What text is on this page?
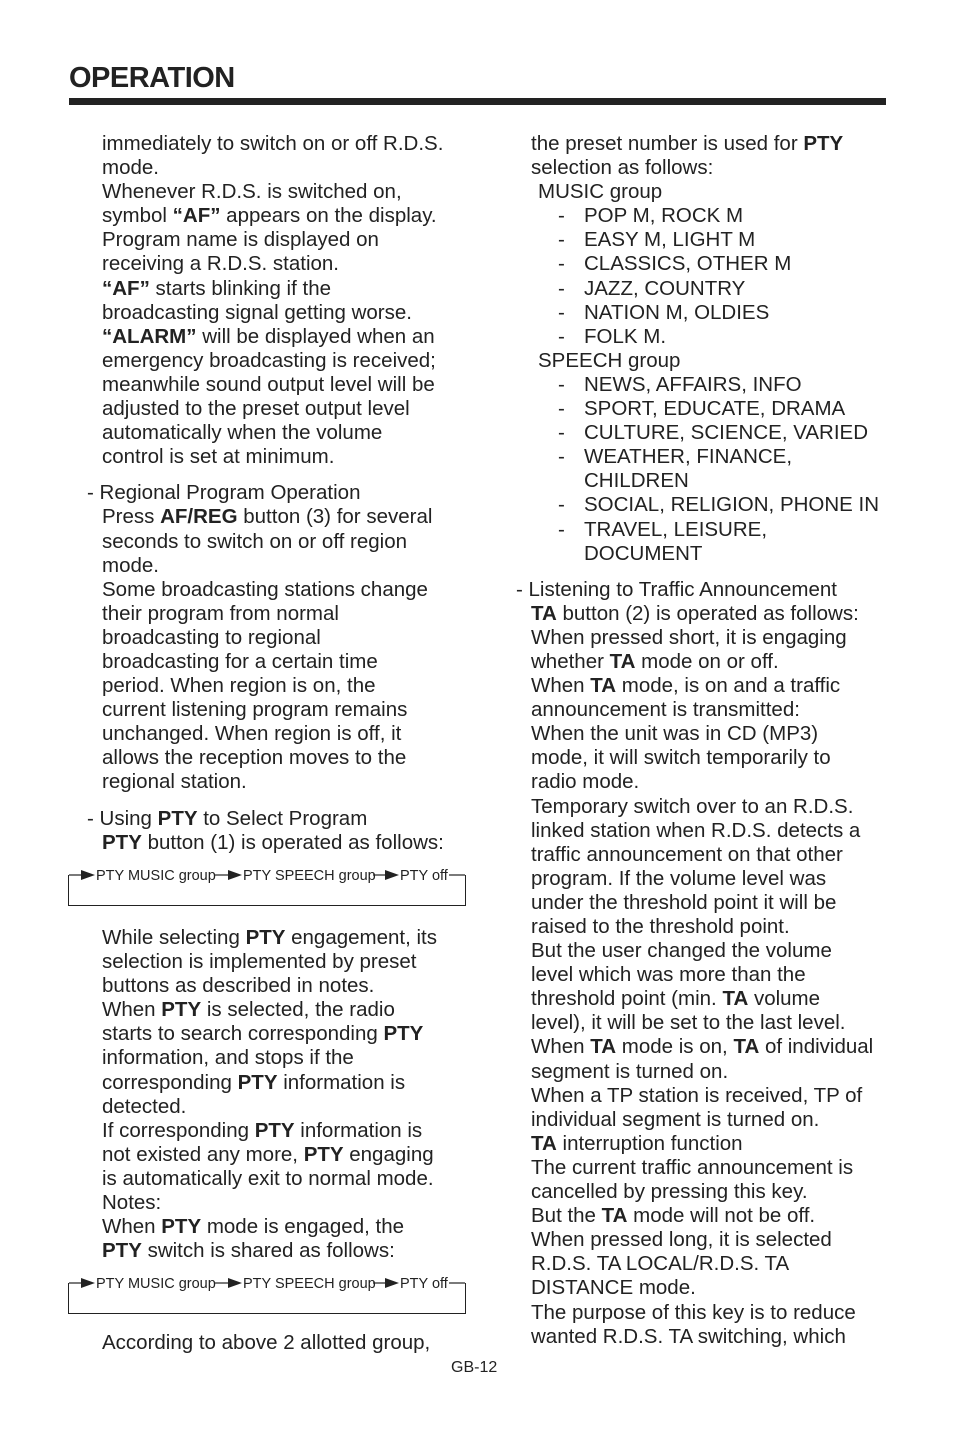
OPERATION
immediately to switch on or off R.D.S.
mode.
Whenever R.D.S. is switched on,
symbol “AF” appears on the display.
Program name is displayed on
receiving a R.D.S. station.
“AF” starts blinking if the
broadcasting signal getting worse.
“ALARM” will be displayed when an
emergency broadcasting is received;
meanwhile sound output level will be
adjusted to the preset output level
automatically when the volume
control is set at minimum.
- Regional Program Operation
Press AF/REG button (3) for several
seconds to switch on or off region
mode.
Some broadcasting stations change
their program from normal
broadcasting to regional
broadcasting for a certain time
period. When region is on, the
current listening program remains
unchanged. When region is off, it
allows the reception moves to the
regional station.
- Using PTY to Select Program
PTY button (1) is operated as follows:
PTY MUSIC group PTY SPEECH group PTY off
While selecting PTY engagement, its
selection is implemented by preset
buttons as described in notes.
When PTY is selected, the radio
starts to search corresponding PTY
information, and stops if the
corresponding PTY information is
detected.
If corresponding PTY information is
not existed any more, PTY engaging
is automatically exit to normal mode.
Notes:
When PTY mode is engaged, the
PTY switch is shared as follows:
PTY MUSIC group PTY SPEECH group PTY off
According to above 2 allotted group,
the preset number is used for PTY
selection as follows:
MUSIC group
- POP M, ROCK M
- EASY M, LIGHT M
- CLASSICS, OTHER M
- JAZZ, COUNTRY
- NATION M, OLDIES
- FOLK M.
SPEECH group
- NEWS, AFFAIRS, INFO
- SPORT, EDUCATE, DRAMA
- CULTURE, SCIENCE, VARIED
- WEATHER, FINANCE,
CHILDREN
- SOCIAL, RELIGION, PHONE IN
- TRAVEL, LEISURE,
DOCUMENT
- Listening to Traffic Announcement
TA button (2) is operated as follows:
When pressed short, it is engaging
whether TA mode on or off.
When TA mode, is on and a traffic
announcement is transmitted:
When the unit was in CD (MP3)
mode, it will switch temporarily to
radio mode.
Temporary switch over to an R.D.S.
linked station when R.D.S. detects a
traffic announcement on that other
program. If the volume level was
under the threshold point it will be
raised to the threshold point.
But the user changed the volume
level which was more than the
threshold point (min. TA volume
level), it will be set to the last level.
When TA mode is on, TA of individual
segment is turned on.
When a TP station is received, TP of
individual segment is turned on.
TA interruption function
The current traffic announcement is
cancelled by pressing this key.
But the TA mode will not be off.
When pressed long, it is selected
R.D.S. TA LOCAL/R.D.S. TA
DISTANCE mode.
The purpose of this key is to reduce
wanted R.D.S. TA switching, which
GB-12
